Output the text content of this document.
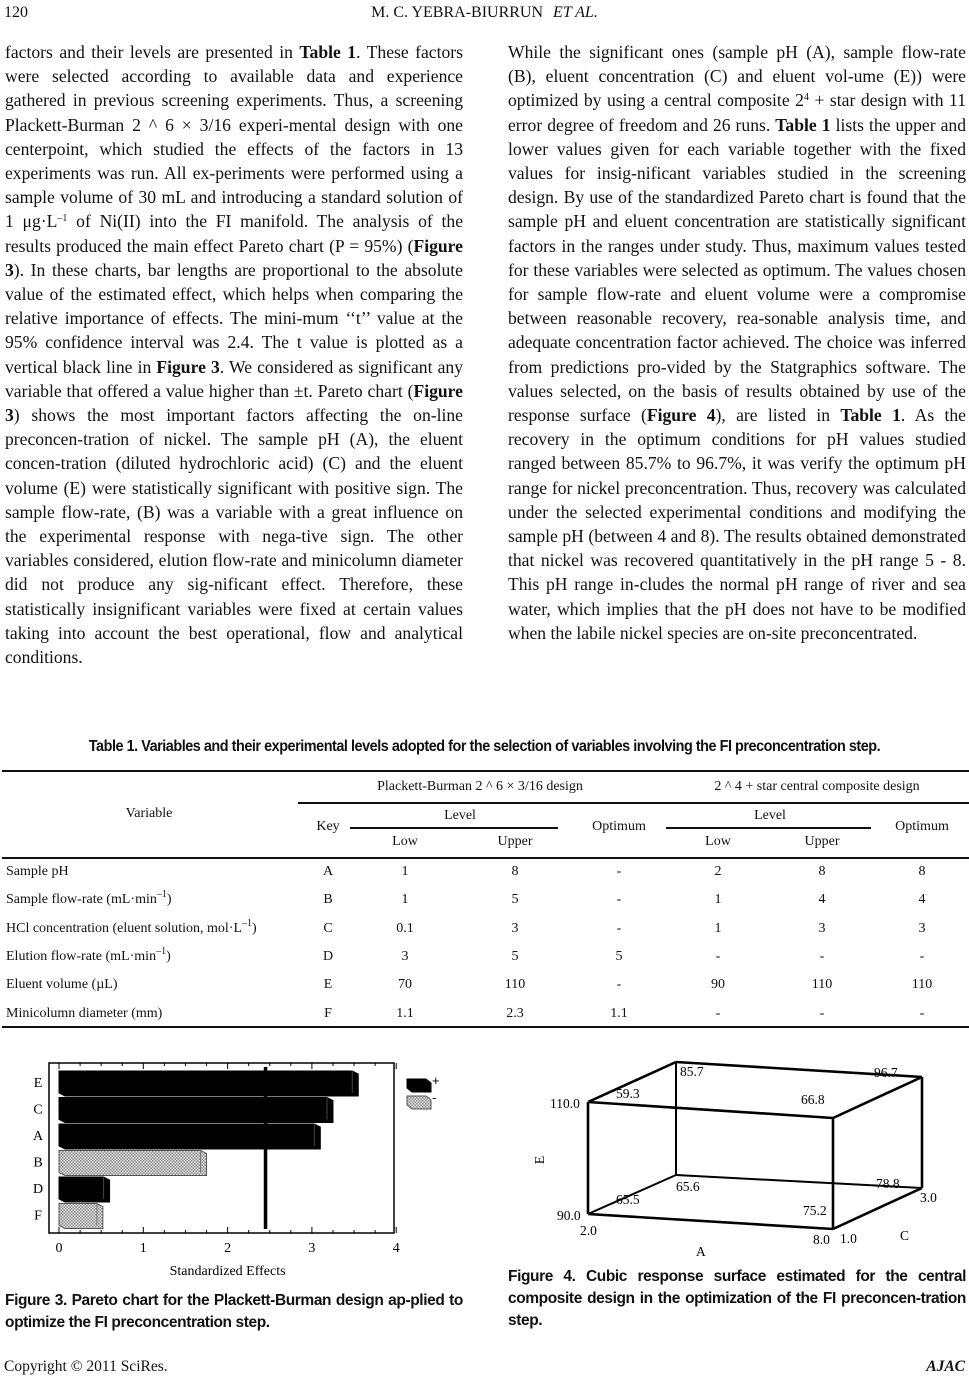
120	M. C. YEBRA-BIURRUN ET AL.
factors and their levels are presented in Table 1. These factors were selected according to available data and experience gathered in previous screening experiments. Thus, a screening Plackett-Burman 2 ^ 6 × 3/16 experi-mental design with one centerpoint, which studied the effects of the factors in 13 experiments was run. All ex-periments were performed using a sample volume of 30 mL and introducing a standard solution of 1 $\mu g\cdot L^{-1}$ of Ni(II) into the FI manifold. The analysis of the results produced the main effect Pareto chart (P = 95%) (Figure 3). In these charts, bar lengths are proportional to the absolute value of the estimated effect, which helps when comparing the relative importance of effects. The mini-mum ‘‘t’’ value at the 95% confidence interval was 2.4. The t value is plotted as a vertical black line in Figure 3. We considered as significant any variable that offered a value higher than ±t. Pareto chart (Figure 3) shows the most important factors affecting the on-line preconcen-tration of nickel. The sample pH (A), the eluent concen-tration (diluted hydrochloric acid) (C) and the eluent volume (E) were statistically significant with positive sign. The sample flow-rate, (B) was a variable with a great influence on the experimental response with nega-tive sign. The other variables considered, elution flow-rate and minicolumn diameter did not produce any sig-nificant effect. Therefore, these statistically insignificant variables were fixed at certain values taking into account the best operational, flow and analytical conditions.
While the significant ones (sample pH (A), sample flow-rate (B), eluent concentration (C) and eluent vol-ume (E)) were optimized by using a central composite $2^4$ + star design with 11 error degree of freedom and 26 runs. Table 1 lists the upper and lower values given for each variable together with the fixed values for insig-nificant variables studied in the screening design. By use of the standardized Pareto chart is found that the sample pH and eluent concentration are statistically significant factors in the ranges under study. Thus, maximum values tested for these variables were selected as optimum. The values chosen for sample flow-rate and eluent volume were a compromise between reasonable recovery, rea-sonable analysis time, and adequate concentration factor achieved. The choice was inferred from predictions pro-vided by the Statgraphics software. The values selected, on the basis of results obtained by use of the response surface (Figure 4), are listed in Table 1. As the recovery in the optimum conditions for pH values studied ranged between 85.7% to 96.7%, it was verify the optimum pH range for nickel preconcentration. Thus, recovery was calculated under the selected experimental conditions and modifying the sample pH (between 4 and 8). The results obtained demonstrated that nickel was recovered quantitatively in the pH range 5 - 8. This pH range in-cludes the normal pH range of river and sea water, which implies that the pH does not have to be modified when the labile nickel species are on-site preconcentrated.
Table 1. Variables and their experimental levels adopted for the selection of variables involving the FI preconcentration step.
Plackett-Burman 2 ^ 6 × 3/16 design	2 ^ 4 + star central composite design
Variable
Key
Level
Low	Upper
Optimum
Level
Low	Upper
Optimum
Sample pH	A	1	8	-	2	8	8
Sample flow-rate $(mL\cdot\min^{-1})$	B	1	5	-	1	4	4
HCl concentration (eluent solution, $mol\cdot L^{-1}$)	C	0.1	3	-	1	3	3
Elution flow-rate $(mL\cdot\min^{-1})$	D	3	5	5	-	-	-
Eluent volume (µL)	E	70	110	-	90	110	110
Minicolumn diameter (mm)	F	1.1	2.3	1.1	-	-	-
0	1	2	3	4
Standardized Effects
E
C
A
B
D
F
+
-
Figure 3. Pareto chart for the Plackett-Burman design ap-plied to optimize the FI preconcentration step.
65.5
75.2
65.6	78.8
59.3	66.8
85.7	96.7
110.0
90.0
2.0
8.0 1.0
3.0
A
C
E
Figure 4. Cubic response surface estimated for the central composite design in the optimization of the FI preconcen-tration step.
Copyright © 2011 SciRes.	AJAC
